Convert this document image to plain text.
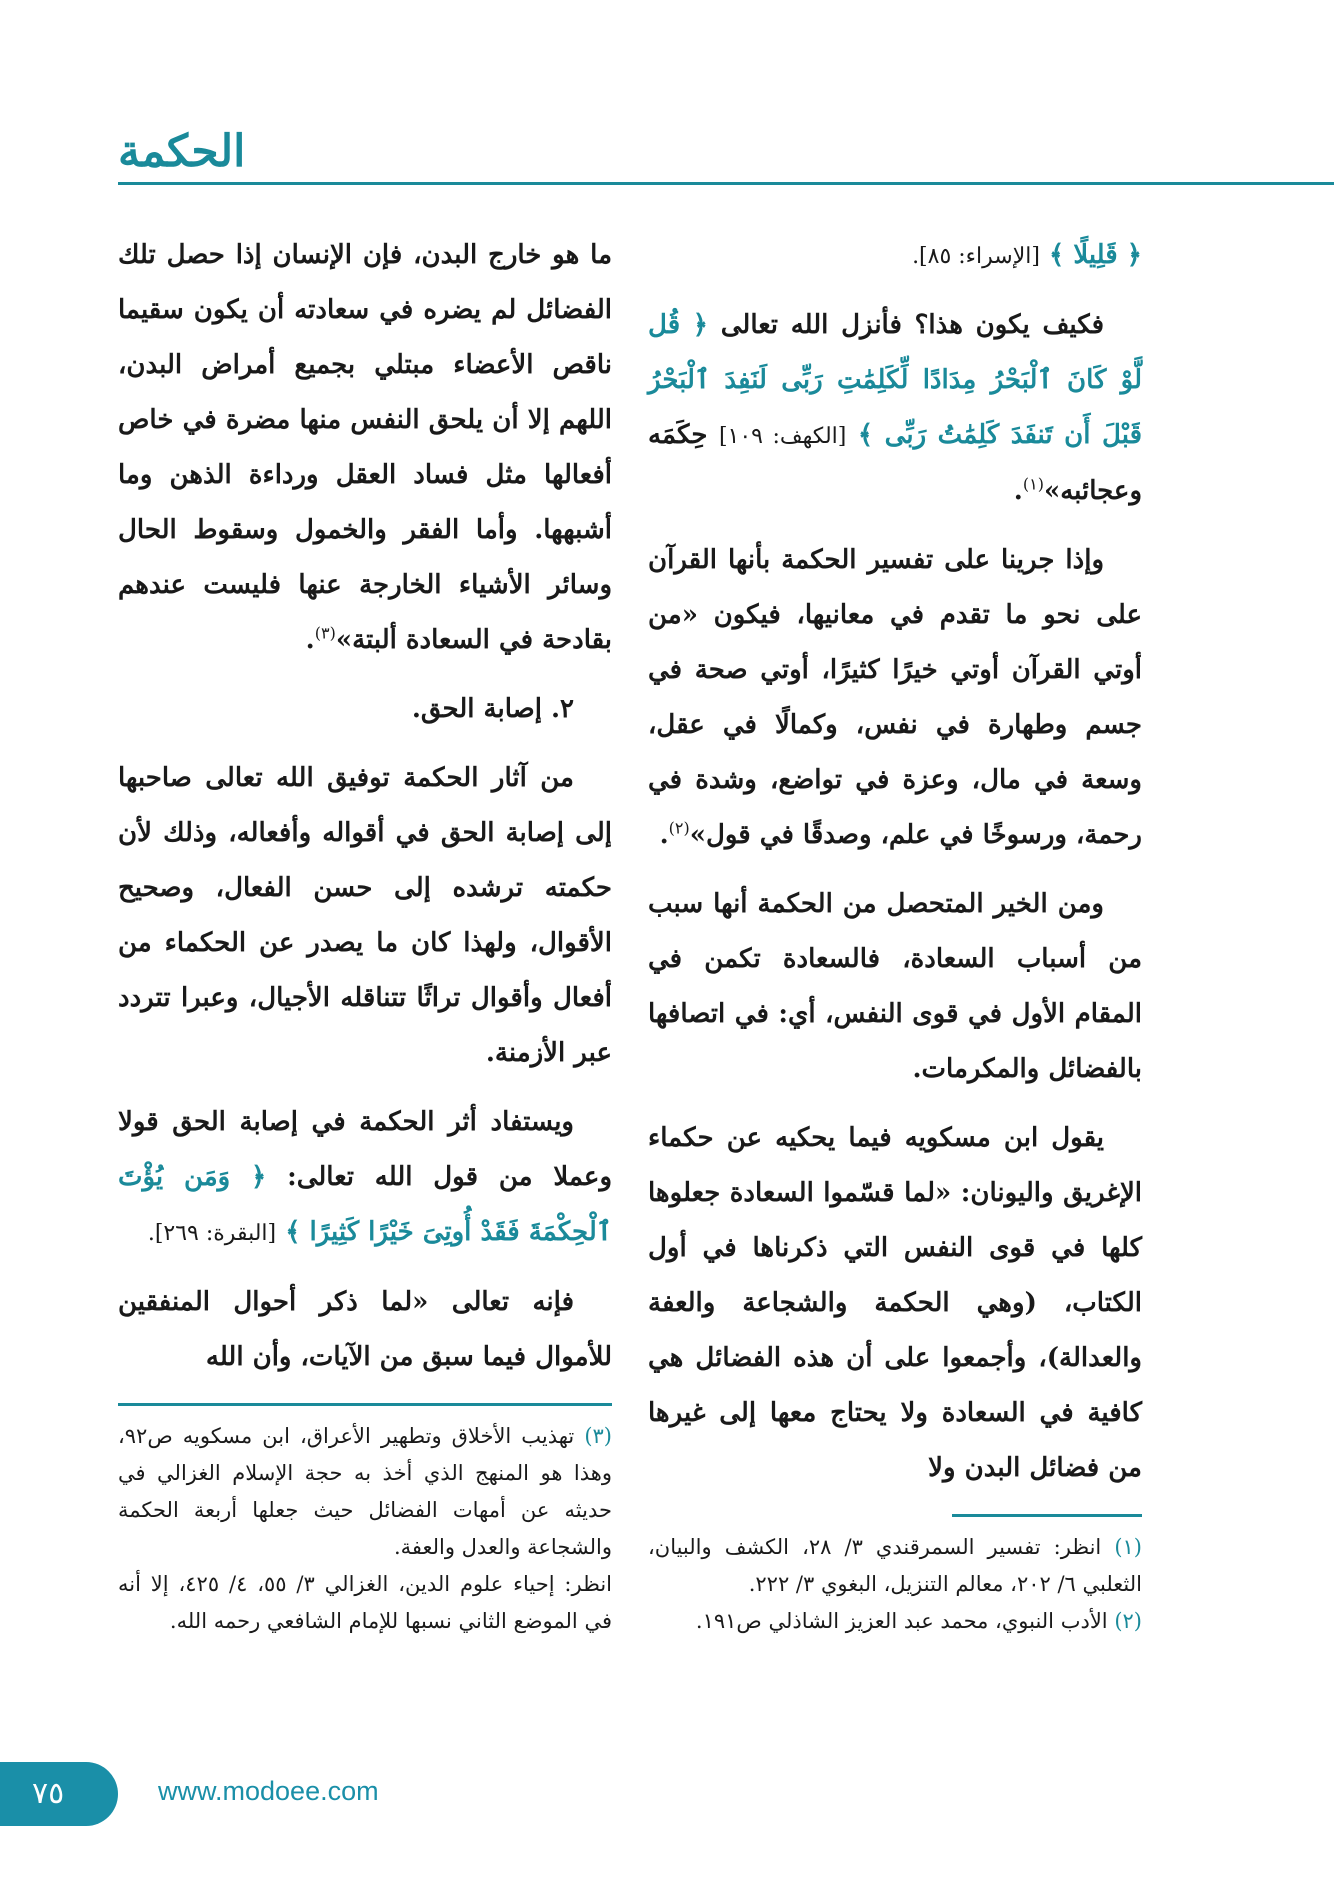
الحكمة

﴿ قَلِيلًا ﴾ [الإسراء: ٨٥].

فكيف يكون هذا؟ فأنزل الله تعالى ﴿ قُل لَّوْ كَانَ ٱلْبَحْرُ مِدَادًا لِّكَلِمَٰتِ رَبِّى لَنَفِدَ ٱلْبَحْرُ قَبْلَ أَن تَنفَدَ كَلِمَٰتُ رَبِّى ﴾ [الكهف: ١٠٩] حِكَمَه وعجائبه»$^{(١)}$.

وإذا جرينا على تفسير الحكمة بأنها القرآن على نحو ما تقدم في معانيها، فيكون «من أوتي القرآن أوتي خيرًا كثيرًا، أوتي صحة في جسم وطهارة في نفس، وكمالًا في عقل، وسعة في مال، وعزة في تواضع، وشدة في رحمة، ورسوخًا في علم، وصدقًا في قول»$^{(٢)}$.

ومن الخير المتحصل من الحكمة أنها سبب من أسباب السعادة، فالسعادة تكمن في المقام الأول في قوى النفس، أي: في اتصافها بالفضائل والمكرمات.

يقول ابن مسكويه فيما يحكيه عن حكماء الإغريق واليونان: «لما قسّموا السعادة جعلوها كلها في قوى النفس التي ذكرناها في أول الكتاب، (وهي الحكمة والشجاعة والعفة والعدالة)، وأجمعوا على أن هذه الفضائل هي كافية في السعادة ولا يحتاج معها إلى غيرها من فضائل البدن ولا

(١) انظر: تفسير السمرقندي ٣/ ٢٨، الكشف والبيان، الثعلبي ٦/ ٢٠٢، معالم التنزيل، البغوي ٣/ ٢٢٢.

(٢) الأدب النبوي، محمد عبد العزيز الشاذلي ص١٩١.

ما هو خارج البدن، فإن الإنسان إذا حصل تلك الفضائل لم يضره في سعادته أن يكون سقيما ناقص الأعضاء مبتلي بجميع أمراض البدن، اللهم إلا أن يلحق النفس منها مضرة في خاص أفعالها مثل فساد العقل ورداءة الذهن وما أشبهها. وأما الفقر والخمول وسقوط الحال وسائر الأشياء الخارجة عنها فليست عندهم بقادحة في السعادة ألبتة»$^{(٣)}$.

٢. إصابة الحق.

من آثار الحكمة توفيق الله تعالى صاحبها إلى إصابة الحق في أقواله وأفعاله، وذلك لأن حكمته ترشده إلى حسن الفعال، وصحيح الأقوال، ولهذا كان ما يصدر عن الحكماء من أفعال وأقوال تراثًا تتناقله الأجيال، وعبرا تتردد عبر الأزمنة.

ويستفاد أثر الحكمة في إصابة الحق قولا وعملا من قول الله تعالى: ﴿ وَمَن يُؤْتَ ٱلْحِكْمَةَ فَقَدْ أُوتِىَ خَيْرًا كَثِيرًا ﴾ [البقرة: ٢٦٩].

فإنه تعالى «لما ذكر أحوال المنفقين للأموال فيما سبق من الآيات، وأن الله

(٣) تهذيب الأخلاق وتطهير الأعراق، ابن مسكويه ص٩٢، وهذا هو المنهج الذي أخذ به حجة الإسلام الغزالي في حديثه عن أمهات الفضائل حيث جعلها أربعة الحكمة والشجاعة والعدل والعفة.

انظر: إحياء علوم الدين، الغزالي ٣/ ٥٥، ٤/ ٤٢٥، إلا أنه في الموضع الثاني نسبها للإمام الشافعي رحمه الله.

٧٥	www.modoee.com
